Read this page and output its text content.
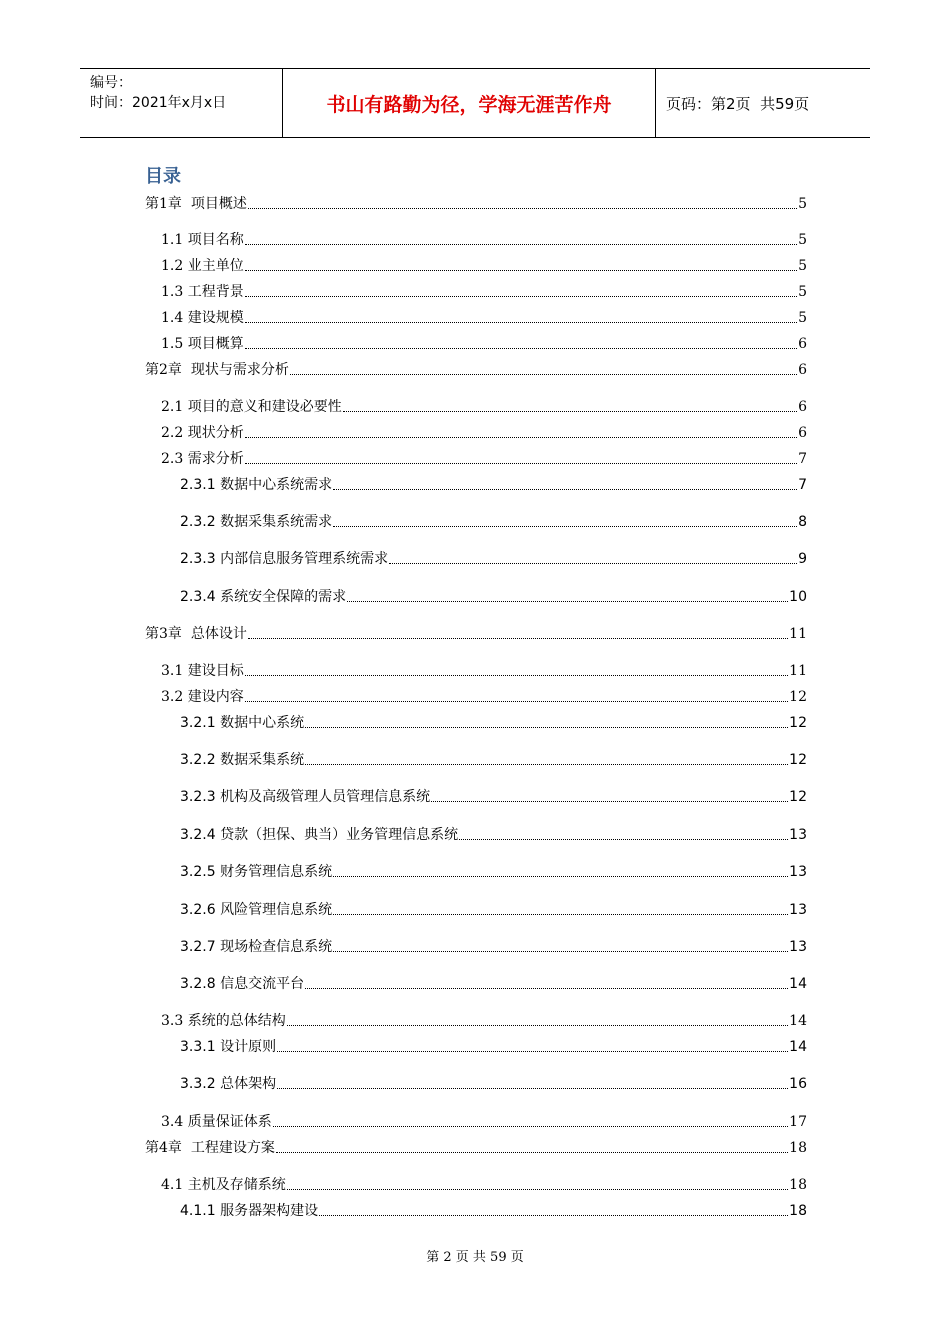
编号：
时间：2021年x月x日	书山有路勤为径，学海无涯苦作舟	页码：第2页  共59页
目录
第1章  项目概述	5
1.1 项目名称	5
1.2 业主单位	5
1.3 工程背景	5
1.4 建设规模	5
1.5 项目概算	6
第2章  现状与需求分析	6
2.1 项目的意义和建设必要性	6
2.2 现状分析	6
2.3 需求分析	7
2.3.1 数据中心系统需求	7
2.3.2 数据采集系统需求	8
2.3.3 内部信息服务管理系统需求	9
2.3.4 系统安全保障的需求	10
第3章  总体设计	11
3.1 建设目标	11
3.2 建设内容	12
3.2.1 数据中心系统	12
3.2.2 数据采集系统	12
3.2.3 机构及高级管理人员管理信息系统	12
3.2.4 贷款（担保、典当）业务管理信息系统	13
3.2.5 财务管理信息系统	13
3.2.6 风险管理信息系统	13
3.2.7 现场检查信息系统	13
3.2.8 信息交流平台	14
3.3 系统的总体结构	14
3.3.1 设计原则	14
3.3.2 总体架构	16
3.4 质量保证体系	17
第4章  工程建设方案	18
4.1 主机及存储系统	18
4.1.1 服务器架构建设	18
第 2 页 共 59 页
